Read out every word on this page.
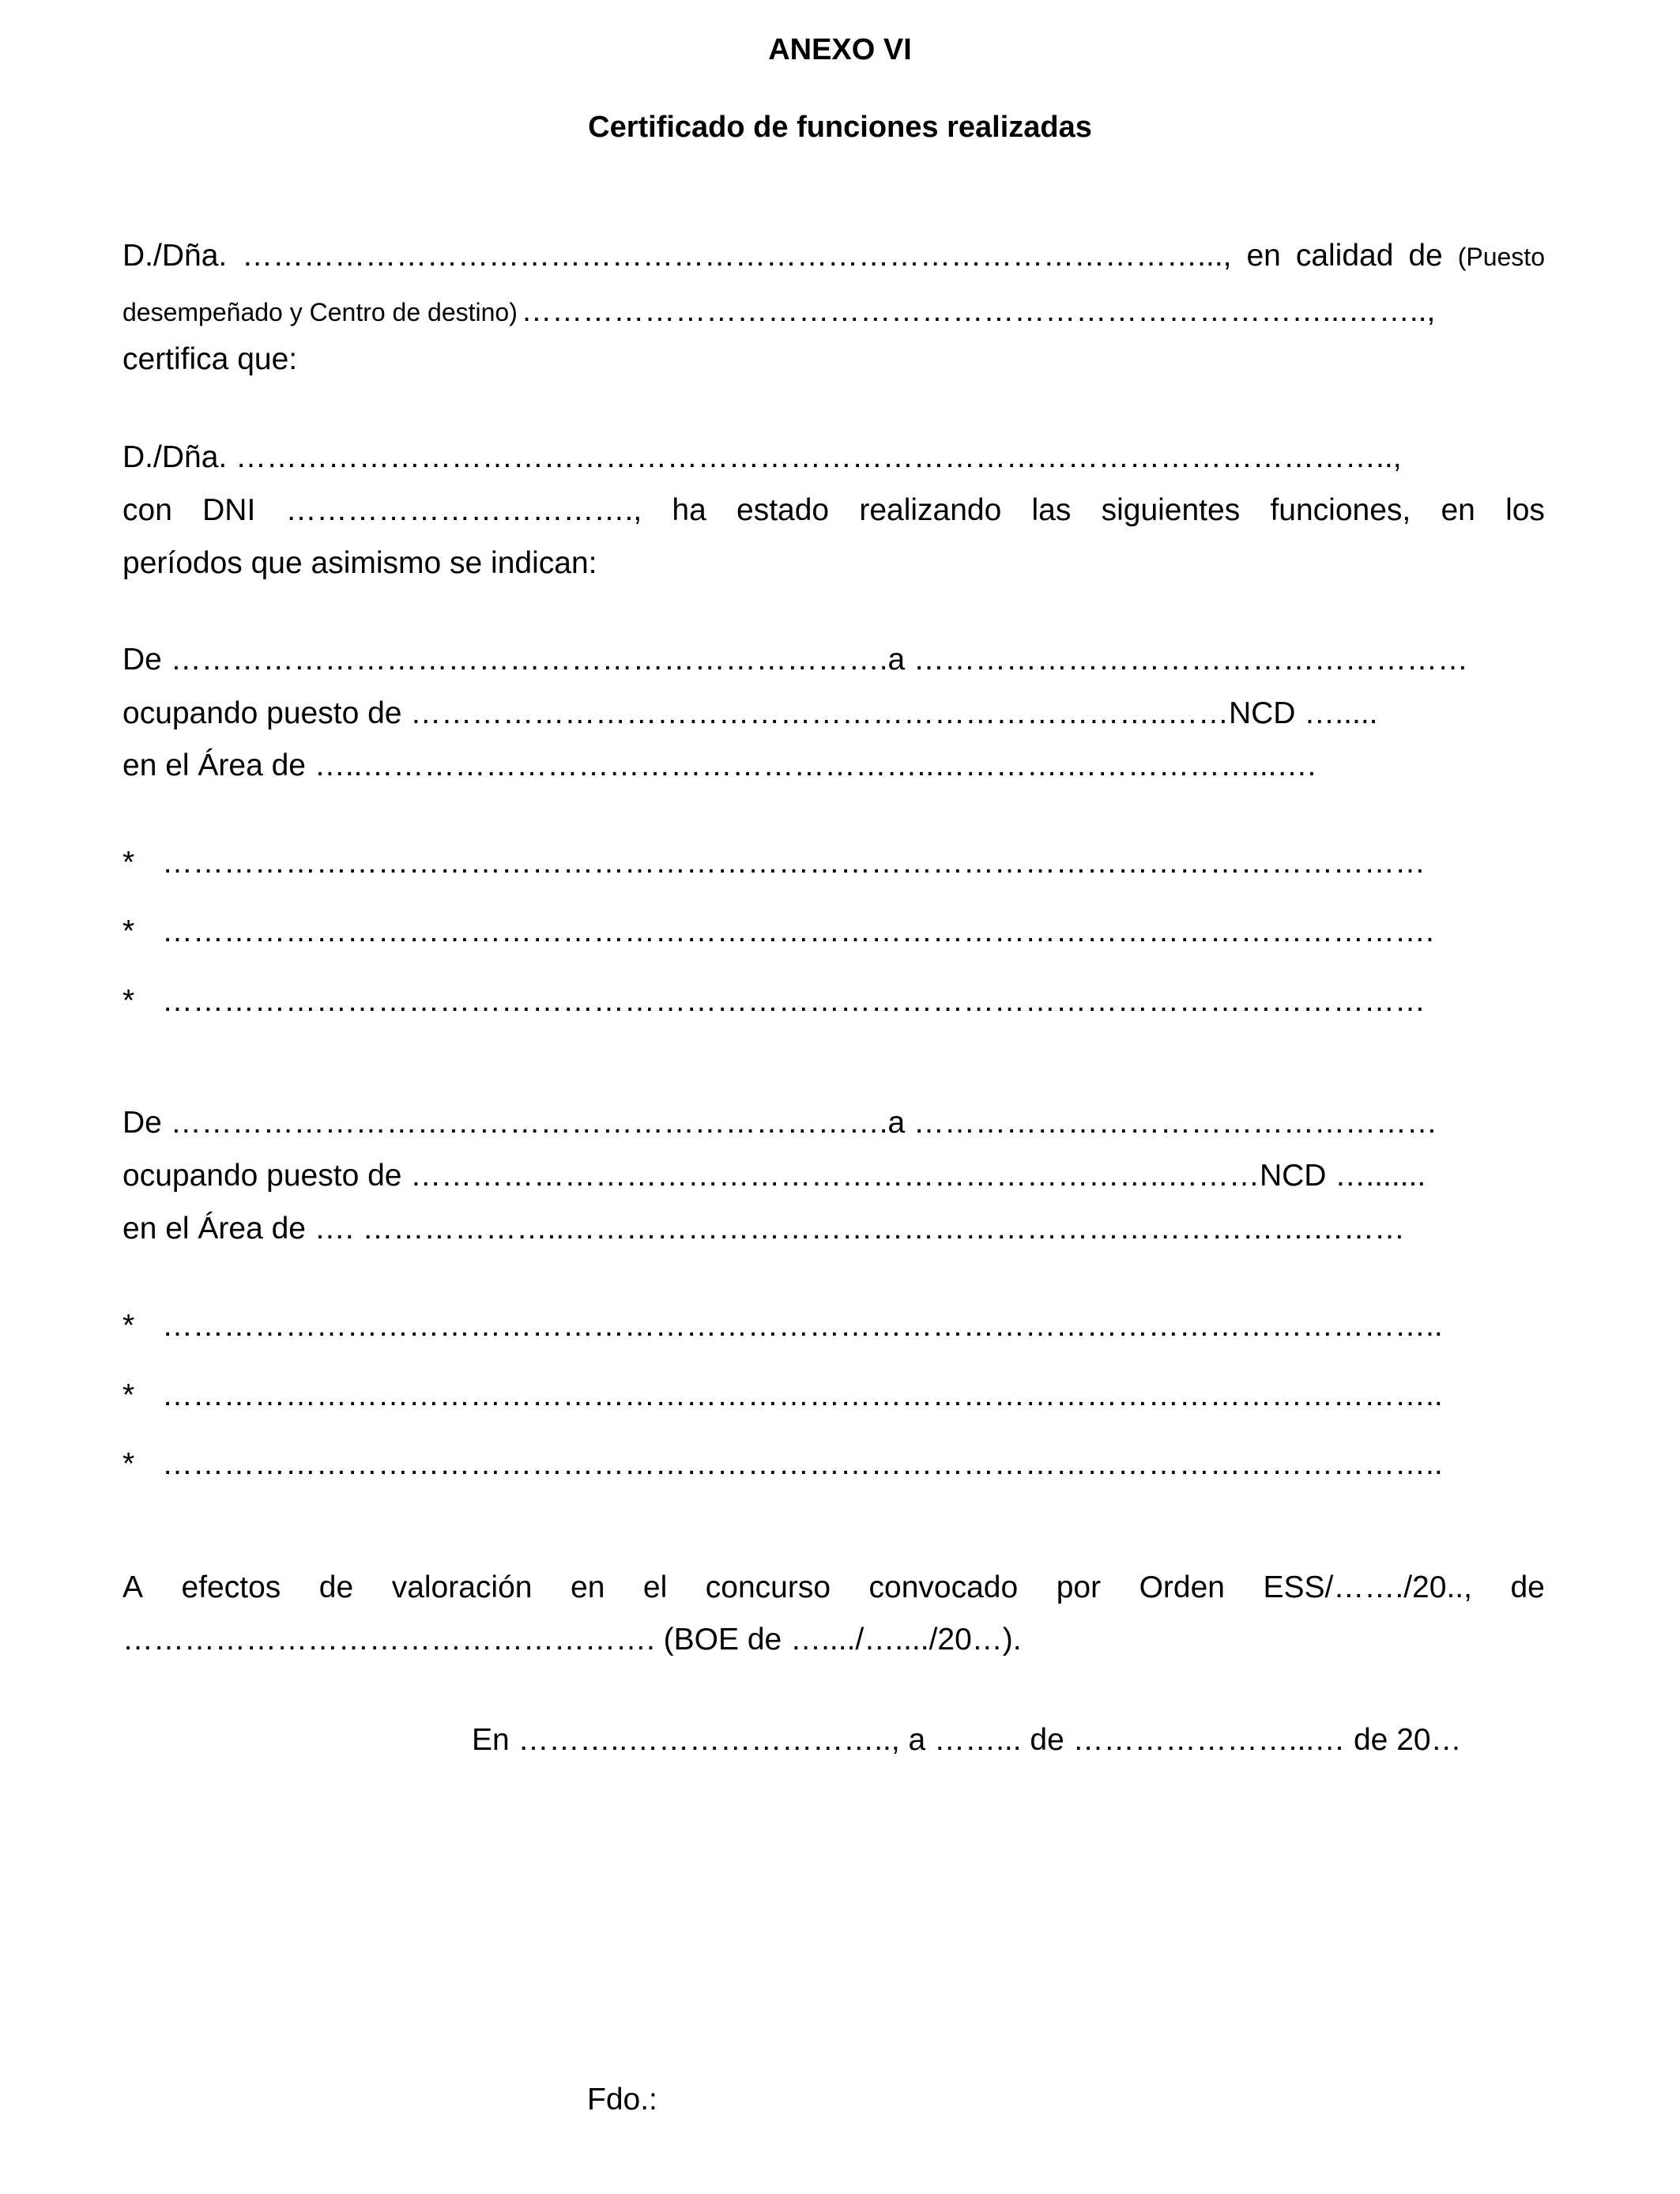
ANEXO VI
Certificado de funciones realizadas
D./Dña. …………………………………………………………………………………..., en calidad de (Puesto
desempeñado y Centro de destino) ……………………………………………………………………...……..,
certifica que:
D./Dña. …………………………………………………………………………………………………..,
con DNI ……………………………., ha estado realizando las siguientes funciones, en los
períodos que asimismo se indican:
De …………………………………………………………….a ………………………………………………
ocupando puesto de ………………………………………………………………..……NCD ….....
en el Área de …..………………………………………………..………….………………...….
* ……………………………………………………………………………………………………………
* …………………………………………………………………………………………………………….
* ……………………………………………………………………………………………………………
De …………………………………………………………….a ……………………………………………
ocupando puesto de ………………………………………………………………..………NCD ….......
en el Área de …. ………………..……………………………………………………………….………
* ……………………………………………………………………………………………………………..
* ……………………………………………………………………………………………………………..
* ……………………………………………………………………………………………………………..
A efectos de valoración en el concurso convocado por Orden ESS/……./20.., de
……………………………………………. (BOE de …..../…..../20…).
En ………..…………………….., a ……... de …………………...… de 20…
Fdo.:
